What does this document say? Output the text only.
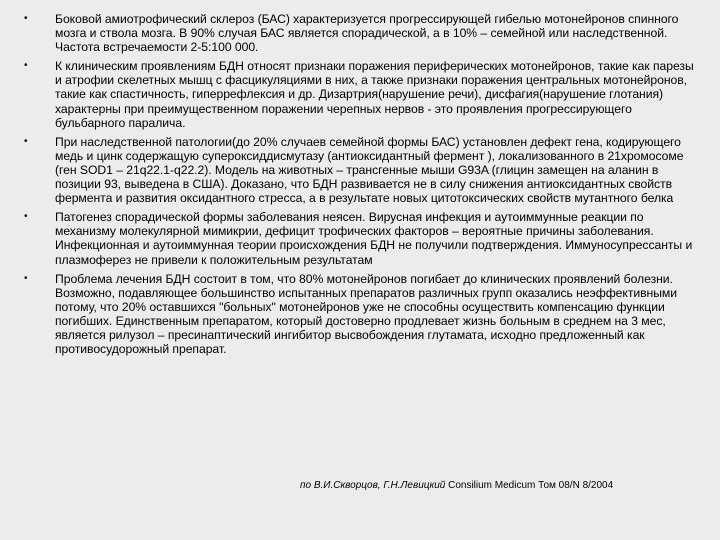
•	Боковой амиотрофический склероз (БАС) характеризуется прогрессирующей гибелью мотонейронов спинного мозга и ствола мозга. В 90% случая БАС является спорадической, а в 10% – семейной или наследственной. Частота встречаемости 2-5:100 000.
•	К клиническим проявлениям БДН относят признаки поражения периферических мотонейронов, такие как парезы и атрофии скелетных мышц с фасцикуляциями в них, а также признаки поражения центральных мотонейронов, такие как спастичность, гиперрефлексия и др. Дизартрия(нарушение речи), дисфагия(нарушение глотания) характерны при преимущественном поражении черепных нервов - это проявления прогрессирующего бульбарного паралича.
•	При наследственной патологии(до 20% случаев семейной формы БАС) установлен дефект гена, кодирующего медь и цинк содержащую супероксиддисмутазу (антиоксидантный фермент ), локализованного в 21хромосоме (ген SOD1 – 21q22.1-q22.2). Модель на животных – трансгенные мыши G93A (глицин замещен на аланин в позиции 93, выведена в США). Доказано, что БДН развивается не в силу снижения антиоксидантных свойств фермента и развития оксидантного стресса, а в результате новых цитотоксических свойств мутантного белка
•	Патогенез спорадической формы заболевания неясен. Вирусная инфекция и аутоиммунные реакции по механизму молекулярной мимикрии, дефицит трофических факторов – вероятные причины заболевания. Инфекционная и аутоиммунная теории происхождения БДН не получили подтверждения. Иммуносупрессанты и плазмоферез не привели к положительным результатам
•	Проблема лечения БДН состоит в том, что 80% мотонейронов погибает до клинических проявлений болезни. Возможно, подавляющее большинство испытанных препаратов различных групп оказались неэффективными потому, что 20% оставшихся "больных" мотонейронов уже не способны осуществить компенсацию функции погибших. Единственным препаратом, который достоверно продлевает жизнь больным в среднем на 3 мес, является рилузол – пресинаптический ингибитор высвобождения глутамата, исходно предложенный как противосудорожный препарат.
по В.И.Скворцов, Г.Н.Левицкий Consilium Medicum Том 08/N 8/2004
